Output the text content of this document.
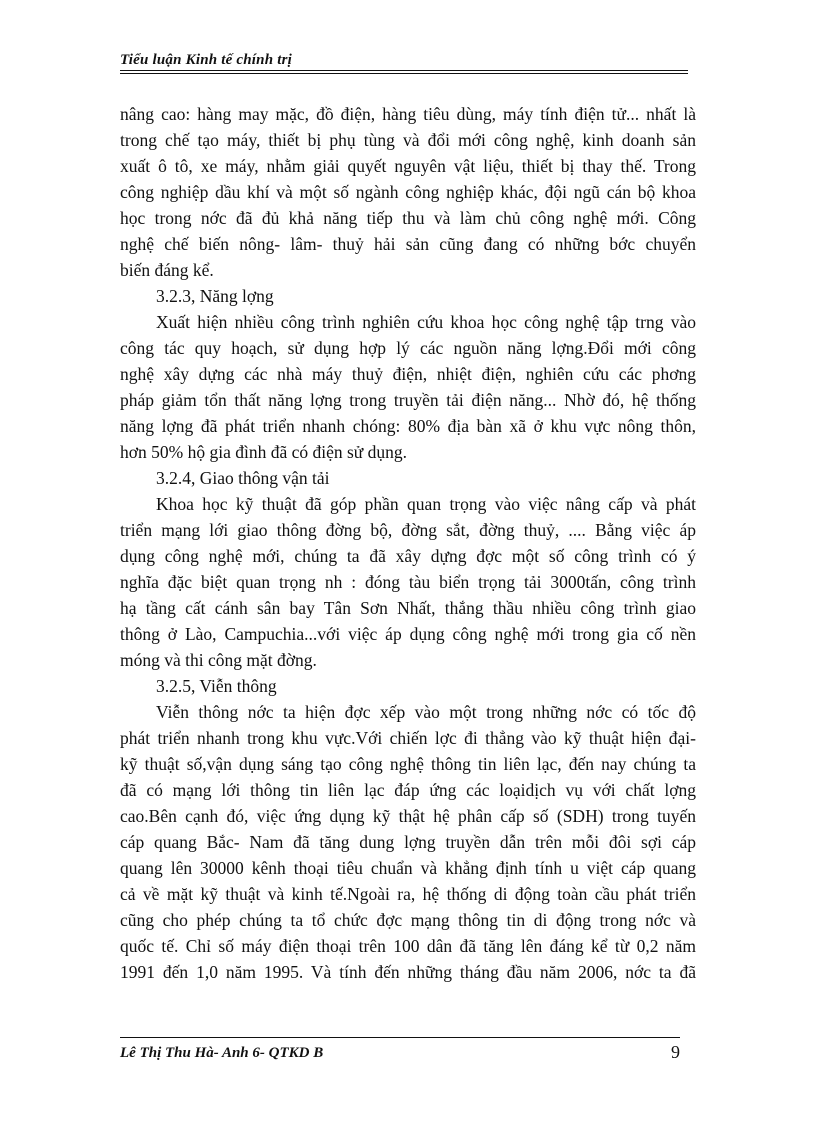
Tiểu luận Kinh tế chính trị
nâng cao: hàng may mặc, đồ điện, hàng tiêu dùng, máy tính điện tử... nhất là
trong chế tạo máy, thiết bị phụ tùng và đổi mới công nghệ, kinh doanh sản
xuất ô tô, xe máy, nhằm giải quyết nguyên vật liệu, thiết bị thay thế. Trong
công nghiệp dầu khí và một số ngành công nghiệp khác, đội ngũ cán bộ khoa
học trong nớc đã đủ khả năng tiếp thu và làm chủ công nghệ mới. Công
nghệ chế biến nông- lâm- thuỷ hải sản cũng đang có những bớc chuyển
biến đáng kể.
3.2.3, Năng lợng
Xuất hiện nhiều công trình nghiên cứu khoa học công nghệ tập trng vào
công tác quy hoạch, sử dụng hợp lý các nguồn năng lợng.Đổi mới công
nghệ xây dựng các nhà máy thuỷ điện, nhiệt điện, nghiên cứu các phơng
pháp giảm tổn thất năng lợng trong truyền tải điện năng... Nhờ đó, hệ thống
năng lợng đã phát triển nhanh chóng: 80% địa bàn xã ở khu vực nông thôn,
hơn 50% hộ gia đình đã có điện sử dụng.
3.2.4, Giao thông vận tải
Khoa học kỹ thuật đã góp phần quan trọng vào việc nâng cấp và phát
triển mạng lới giao thông đờng bộ, đờng sắt, đờng thuỷ, .... Bằng việc áp
dụng công nghệ mới, chúng ta đã xây dựng đợc một số công trình có ý
nghĩa đặc biệt quan trọng nh : đóng tàu biển trọng tải 3000tấn, công trình
hạ tầng cất cánh sân bay Tân Sơn Nhất, thắng thầu nhiều công trình giao
thông ở Lào, Campuchia...với việc áp dụng công nghệ mới trong gia cố nền
móng và thi công mặt đờng.
3.2.5, Viễn thông
Viễn thông nớc ta hiện đợc xếp vào một trong những nớc có tốc độ
phát triển nhanh trong khu vực.Với chiến lợc đi thẳng vào kỹ thuật hiện đại-
kỹ thuật số,vận dụng sáng tạo công nghệ thông tin liên lạc, đến nay chúng ta
đã có mạng lới thông tin liên lạc đáp ứng các loạidịch vụ với chất lợng
cao.Bên cạnh đó, việc ứng dụng kỹ thật hệ phân cấp số (SDH) trong tuyến
cáp quang Bắc- Nam đã tăng dung lợng truyền dẫn trên mỗi đôi sợi cáp
quang lên 30000 kênh thoại tiêu chuẩn và khẳng định tính u việt cáp quang
cả về mặt kỹ thuật và kinh tế.Ngoài ra, hệ thống di động toàn cầu phát triển
cũng cho phép chúng ta tổ chức đợc mạng thông tin di động trong nớc và
quốc tế. Chỉ số máy điện thoại trên 100 dân đã tăng lên đáng kể từ 0,2 năm
1991 đến 1,0 năm 1995. Và tính đến những tháng đầu năm 2006, nớc ta đã
Lê Thị Thu Hà- Anh 6- QTKD B	9
